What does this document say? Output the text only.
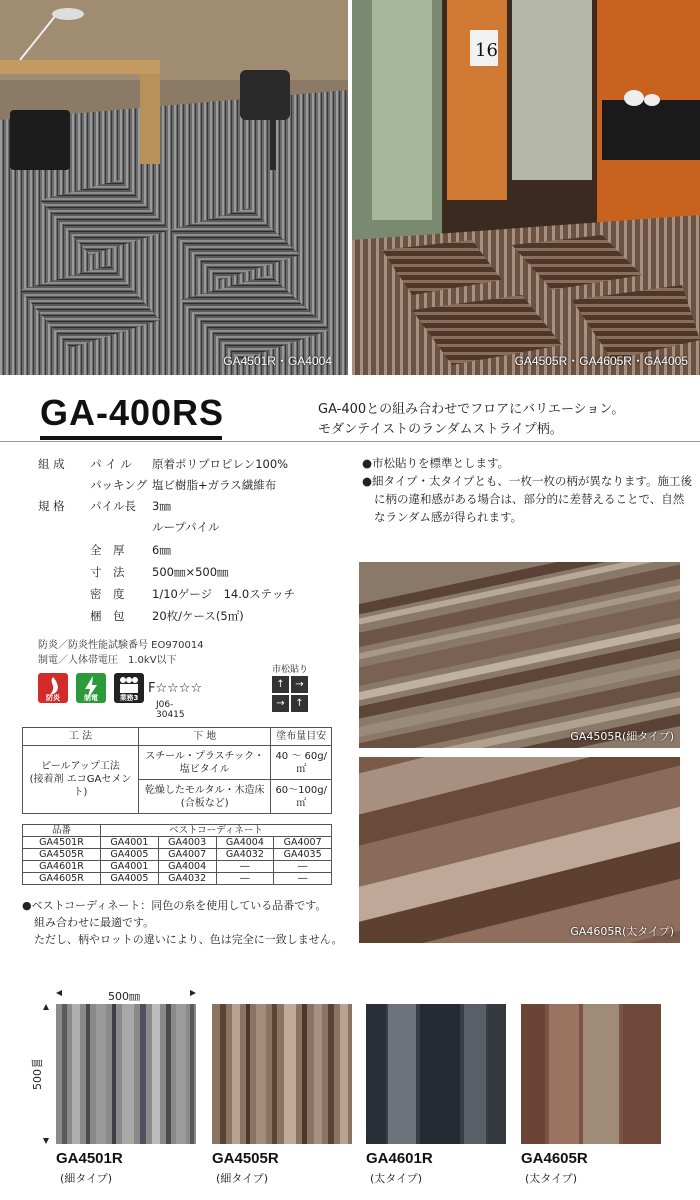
GA4501R・GA4004
16
GA4505R・GA4605R・GA4005
GA-400RS	GA-400との組み合わせでフロアにバリエーション。
モダンテイストのランダムストライプ柄。
組 成 パ イ ル 原着ポリプロピレン100%
パッキング 塩ビ樹脂+ガラス繊維布
規 格 パイル長 3㎜
ループパイル
全　厚 6㎜
寸　法 500㎜×500㎜
密　度 1/10ゲージ　14.0ステッチ
梱　包 20枚/ケース(5㎡)
●市松貼りを標準とします。
●細タイプ・太タイプとも、一枚一枚の柄が異なります。施工後に柄の違和感がある場合は、部分的に差替えることで、自然なランダム感が得られます。
防炎／防炎性能試験番号 EO970014
制電／人体帯電圧　1.0kV以下
防炎	制電	業務3
F☆☆☆☆
J06-30415
市松貼り
↑	→
→	↑
工 法	下 地	塗布量目安

ピールアップ工法
(接着剤 エコGAセメント)	スチール・プラスチック・塩ビタイル	40 ～ 60g/㎡
	乾燥したモルタル・木造床(合板など)	60～100g/㎡
品番	ベストコーディネート			
GA4501R	GA4001	GA4003	GA4004	GA4007
GA4505R	GA4005	GA4007	GA4032	GA4035
GA4601R	GA4001	GA4004	―	―
GA4605R	GA4005	GA4032	―	―
●ベストコーディネート：同色の糸を使用している品番です。
組み合わせに最適です。
ただし、柄やロットの違いにより、色は完全に一致しません。
GA4505R(細タイプ)
GA4605R(太タイプ)
500㎜
500㎜
GA4501R
(細タイプ)
GA4505R
(細タイプ)
GA4601R
(太タイプ)
GA4605R
(太タイプ)
